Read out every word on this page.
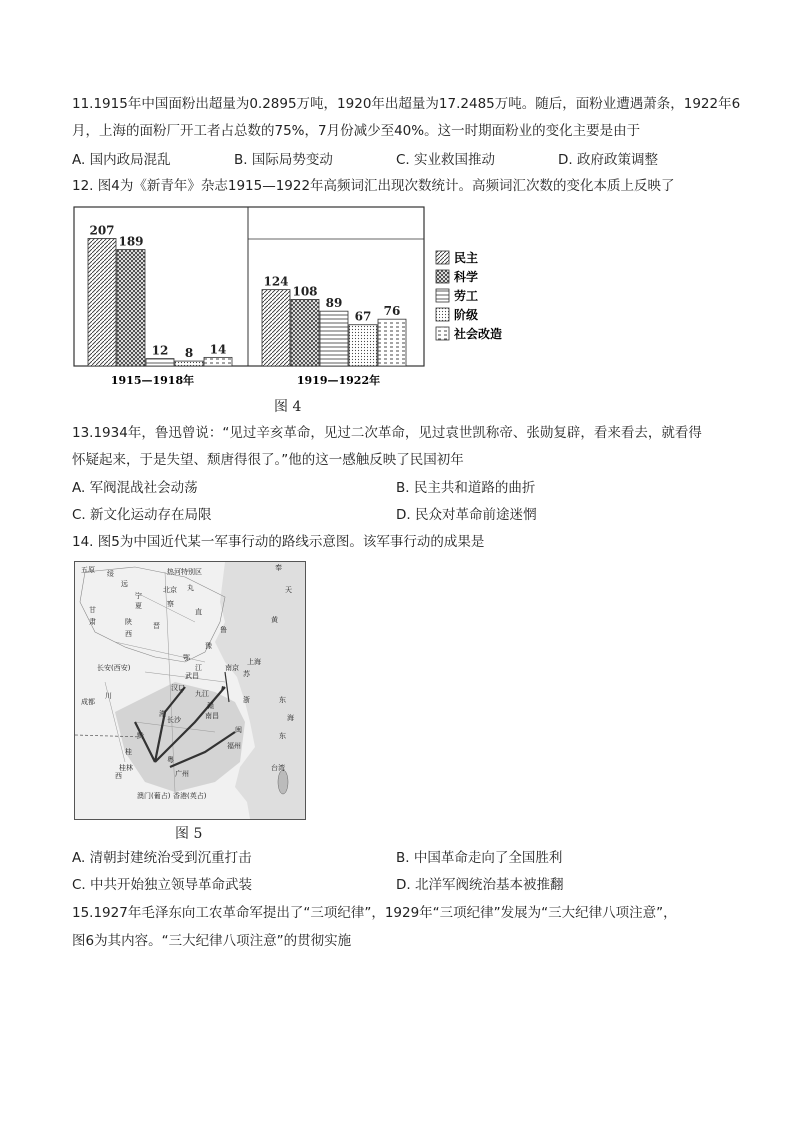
11.1915年中国面粉出超量为0.2895万吨，1920年出超量为17.2485万吨。随后，面粉业遭遇萧条，1922年6
月，上海的面粉厂开工者占总数的75%，7月份减少至40%。这一时期面粉业的变化主要是由于
A. 国内政局混乱	B. 国际局势变动	C. 实业救国推动	D. 政府政策调整
12. 图4为《新青年》杂志1915—1922年高频词汇出现次数统计。高频词汇次数的变化本质上反映了
207
189
12 8 14
124
108
89
67 76
1915—1918年	1919—1922年
民主
科学
劳工
阶级
社会改造
图 4
13.1934年，鲁迅曾说：“见过辛亥革命，见过二次革命，见过袁世凯称帝、张勋复辟，看来看去，就看得
怀疑起来，于是失望、颓唐得很了。”他的这一感触反映了民国初年
A. 军阀混战社会动荡	B. 民主共和道路的曲折
C. 新文化运动存在局限	D. 民众对革命前途迷惘
14. 图5为中国近代某一军事行动的路线示意图。该军事行动的成果是
五原 绥
远
热河特别区	奉
天
北京 丸
宁
夏
甘
肃	陕
西
晋
察
直
鲁
苏
浙
鄂
豫
湘
赣
闽
粤
桂
黔
长安(西安)
成都
武昌
汉口
九江
南昌
长沙
南京
上海
福州
广州
桂林	台湾
澳门(葡占) 香港(英占)
东
海
黄
江
川
西
东
图 5
A. 清朝封建统治受到沉重打击	B. 中国革命走向了全国胜利
C. 中共开始独立领导革命武装	D. 北洋军阀统治基本被推翻
15.1927年毛泽东向工农革命军提出了“三项纪律”，1929年“三项纪律”发展为“三大纪律八项注意”，
图6为其内容。“三大纪律八项注意”的贯彻实施
